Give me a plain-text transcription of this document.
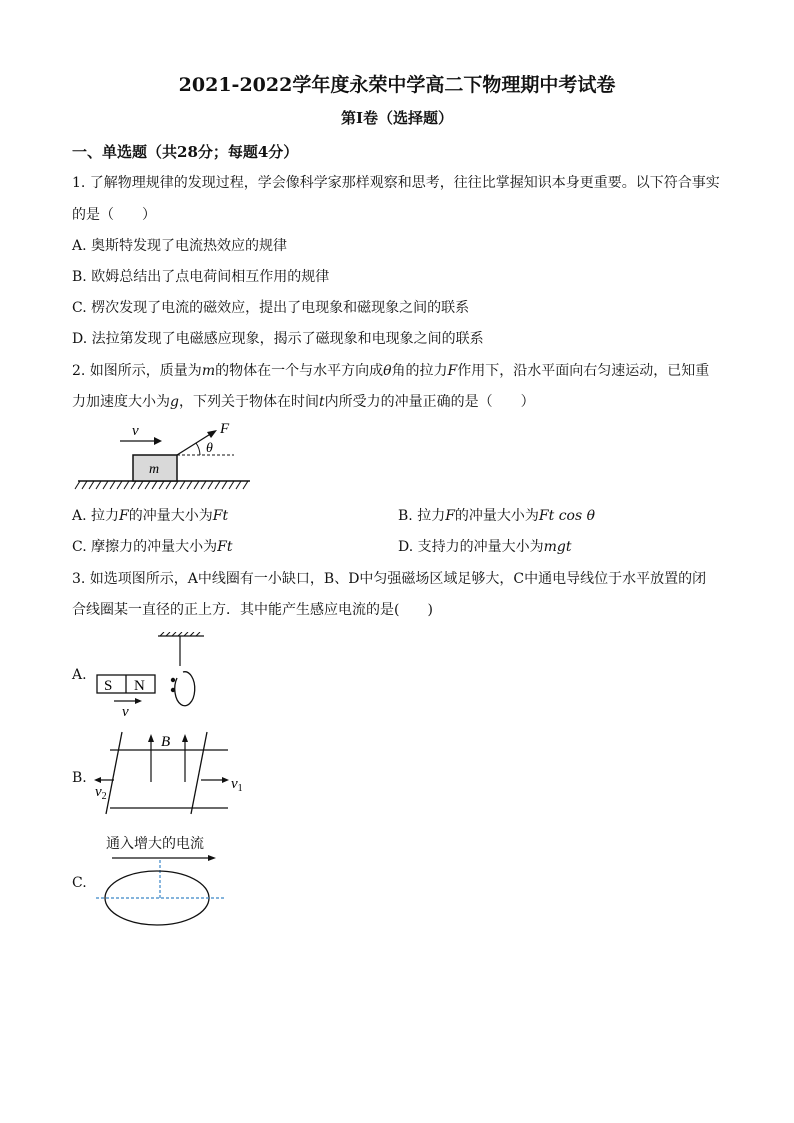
2021-2022学年度永荣中学高二下物理期中考试卷
第I卷（选择题）
一、单选题（共28分；每题4分）
1. 了解物理规律的发现过程，学会像科学家那样观察和思考，往往比掌握知识本身更重要。以下符合事实
的是（　　）
A. 奥斯特发现了电流热效应的规律
B. 欧姆总结出了点电荷间相互作用的规律
C. 楞次发现了电流的磁效应，提出了电现象和磁现象之间的联系
D. 法拉第发现了电磁感应现象，揭示了磁现象和电现象之间的联系
2. 如图所示，质量为m的物体在一个与水平方向成θ角的拉力F作用下，沿水平面向右匀速运动，已知重
力加速度大小为g，下列关于物体在时间t内所受力的冲量正确的是（　　）
m
v	F
θ
A. 拉力F的冲量大小为Ft	B. 拉力F的冲量大小为Ft cos θ
C. 摩擦力的冲量大小为Ft	D. 支持力的冲量大小为mgt
3. 如选项图所示，A中线圈有一小缺口，B、D中匀强磁场区域足够大，C中通电导线位于水平放置的闭
合线圈某一直径的正上方．其中能产生感应电流的是(　　)
A.
S N
v
B.
B
$v_1$
$v_2$
C.
通入增大的电流
